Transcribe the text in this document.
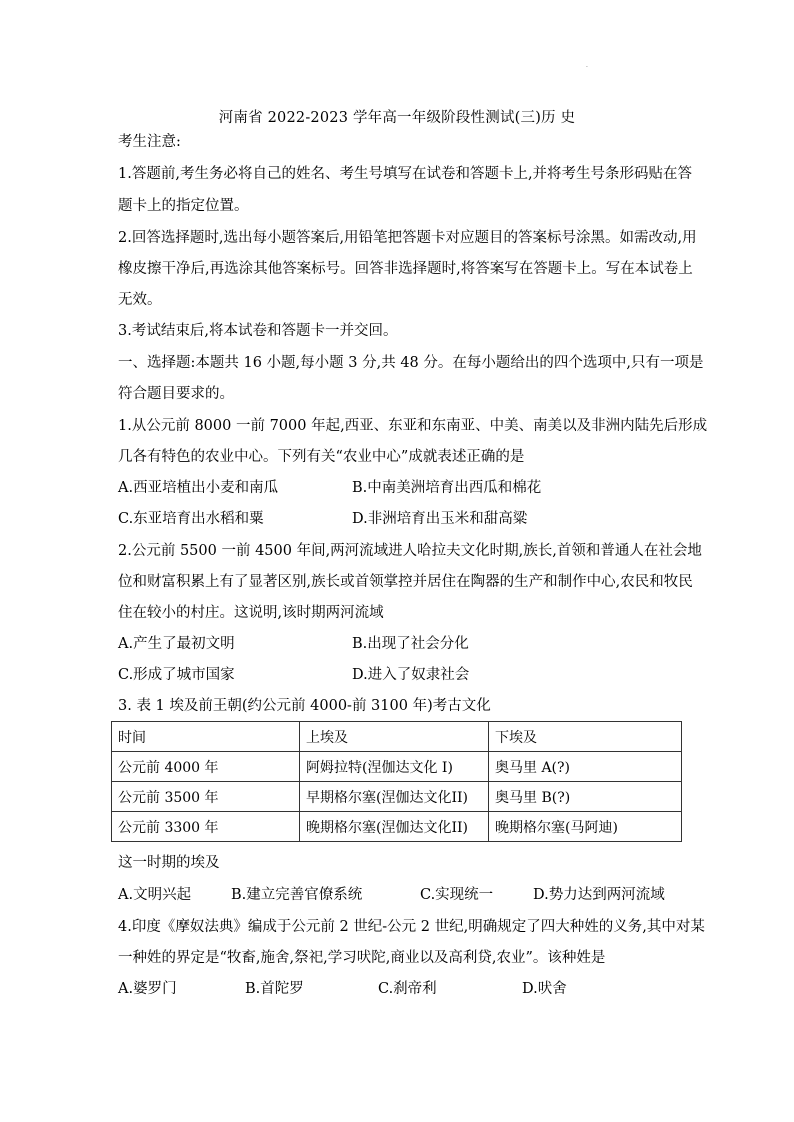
·
河南省 2022-2023 学年高一年级阶段性测试(三)历 史
考生注意:
1.答题前,考生务必将自己的姓名、考生号填写在试卷和答题卡上,并将考生号条形码贴在答
题卡上的指定位置。
2.回答选择题时,选出每小题答案后,用铅笔把答题卡对应题目的答案标号涂黑。如需改动,用
橡皮擦干净后,再选涂其他答案标号。回答非选择题时,将答案写在答题卡上。写在本试卷上
无效。
3.考试结束后,将本试卷和答题卡一并交回。
一、选择题:本题共 16 小题,每小题 3 分,共 48 分。在每小题给出的四个选项中,只有一项是
符合题目要求的。
1.从公元前 8000 一前 7000 年起,西亚、东亚和东南亚、中美、南美以及非洲内陆先后形成
几各有特色的农业中心。下列有关“农业中心”成就表述正确的是
A.西亚培植出小麦和南瓜	B.中南美洲培育出西瓜和棉花
C.东亚培育出水稻和粟	D.非洲培育出玉米和甜高粱
2.公元前 5500 一前 4500 年间,两河流域进人哈拉夫文化时期,族长,首领和普通人在社会地
位和财富积累上有了显著区别,族长或首领掌控并居住在陶器的生产和制作中心,农民和牧民
住在较小的村庄。这说明,该时期两河流域
A.产生了最初文明	B.出现了社会分化
C.形成了城市国家	D.进入了奴隶社会
3. 表 1 埃及前王朝(约公元前 4000-前 3100 年)考古文化
时间	上埃及	下埃及
公元前 4000 年	阿姆拉特(涅伽达文化 I)	奥马里 A(?)
公元前 3500 年	早期格尔塞(涅伽达文化II)	奥马里 B(?)
公元前 3300 年	晚期格尔塞(涅伽达文化II)	晚期格尔塞(马阿迪)
这一时期的埃及
A.文明兴起	B.建立完善官僚系统	C.实现统一	D.势力达到两河流域
4.印度《摩奴法典》编成于公元前 2 世纪-公元 2 世纪,明确规定了四大种姓的义务,其中对某
一种姓的界定是“牧畜,施舍,祭祀,学习吠陀,商业以及高利贷,农业”。该种姓是
A.婆罗门	B.首陀罗	C.刹帝利	D.吠舍
